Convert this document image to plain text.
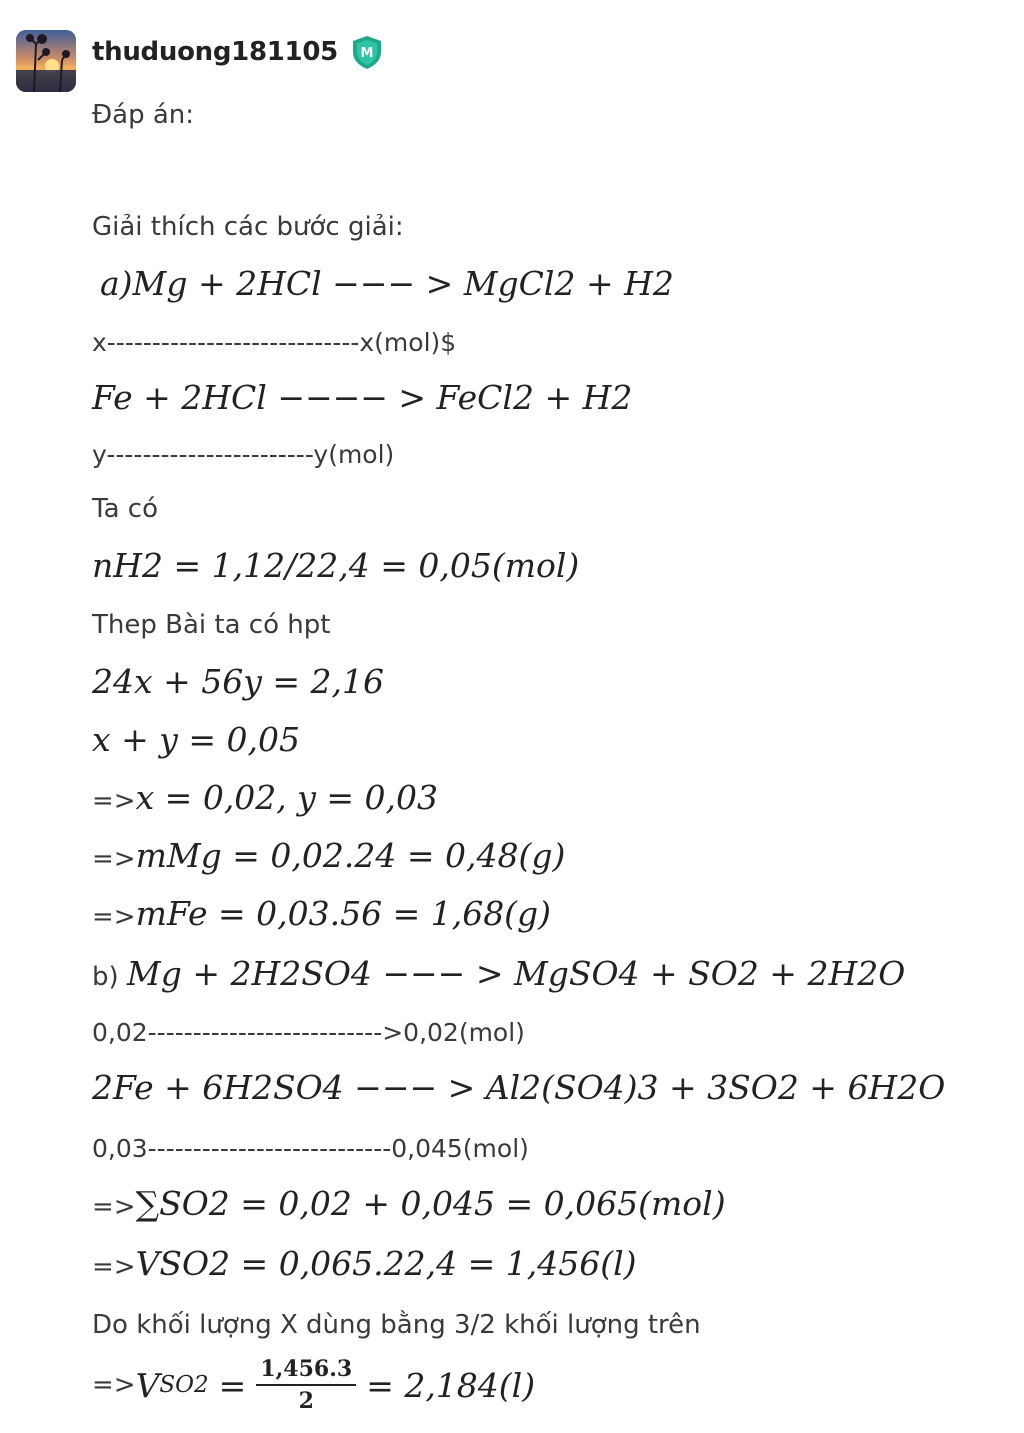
thuduong181105 M
Đáp án:
Giải thích các bước giải:
a)Mg + 2HCl −−− > MgCl2 + H2
x----------------------------x(mol)$
Fe + 2HCl −−−− > FeCl2 + H2
y-----------------------y(mol)
Ta có
nH2 = 1,12/22,4 = 0,05(mol)
Thep Bài ta có hpt
24x + 56y = 2,16
x + y = 0,05
=>x = 0,02, y = 0,03
=>mMg = 0,02.24 = 0,48(g)
=>mFe = 0,03.56 = 1,68(g)
b) Mg + 2H2SO4 −−− > MgSO4 + SO2 + 2H2O
0,02-------------------------->0,02(mol)
2Fe + 6H2SO4 −−− > Al2(SO4)3 + 3SO2 + 6H2O
0,03---------------------------0,045(mol)
=>∑SO2 = 0,02 + 0,045 = 0,065(mol)
=>VSO2 = 0,065.22,4 = 1,456(l)
Do khối lượng X dùng bằng 3/2 khối lượng trên
=> V $SO2 = \frac{1,456.3}{2} = 2,184(l)$
